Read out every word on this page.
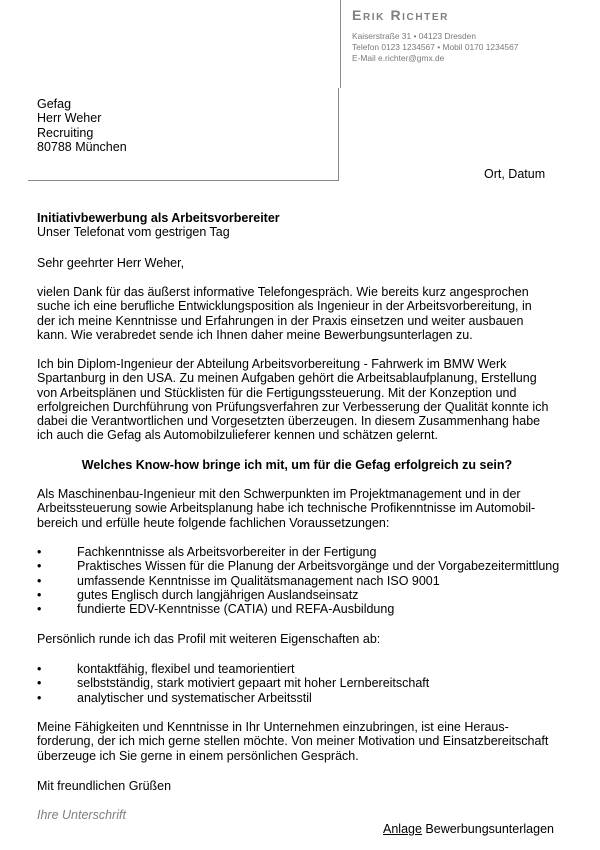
Erik Richter
Kaiserstraße 31 • 04123 Dresden
Telefon 0123 1234567 • Mobil 0170 1234567
E-Mail e.richter@gmx.de
Gefag
Herr Weher
Recruiting
80788 München
Ort, Datum
Initiativbewerbung als Arbeitsvorbereiter
Unser Telefonat vom gestrigen Tag
Sehr geehrter Herr Weher,
vielen Dank für das äußerst informative Telefongespräch. Wie bereits kurz angesprochen
suche ich eine berufliche Entwicklungsposition als Ingenieur in der Arbeitsvorbereitung, in
der ich meine Kenntnisse und Erfahrungen in der Praxis einsetzen und weiter ausbauen
kann. Wie verabredet sende ich Ihnen daher meine Bewerbungsunterlagen zu.
Ich bin Diplom-Ingenieur der Abteilung Arbeitsvorbereitung - Fahrwerk im BMW Werk
Spartanburg in den USA. Zu meinen Aufgaben gehört die Arbeitsablaufplanung, Erstellung
von Arbeitsplänen und Stücklisten für die Fertigungssteuerung. Mit der Konzeption und
erfolgreichen Durchführung von Prüfungsverfahren zur Verbesserung der Qualität konnte ich
dabei die Verantwortlichen und Vorgesetzten überzeugen. In diesem Zusammenhang habe
ich auch die Gefag als Automobilzulieferer kennen und schätzen gelernt.
Welches Know-how bringe ich mit, um für die Gefag erfolgreich zu sein?
Als Maschinenbau-Ingenieur mit den Schwerpunkten im Projektmanagement und in der
Arbeitssteuerung sowie Arbeitsplanung habe ich technische Profikenntnisse im Automobil-
bereich und erfülle heute folgende fachlichen Voraussetzungen:
•	Fachkenntnisse als Arbeitsvorbereiter in der Fertigung
•	Praktisches Wissen für die Planung der Arbeitsvorgänge und der Vorgabezeitermittlung
•	umfassende Kenntnisse im Qualitätsmanagement nach ISO 9001
•	gutes Englisch durch langjährigen Auslandseinsatz
•	fundierte EDV-Kenntnisse (CATIA) und REFA-Ausbildung
Persönlich runde ich das Profil mit weiteren Eigenschaften ab:
•	kontaktfähig, flexibel und teamorientiert
•	selbstständig, stark motiviert gepaart mit hoher Lernbereitschaft
•	analytischer und systematischer Arbeitsstil
Meine Fähigkeiten und Kenntnisse in Ihr Unternehmen einzubringen, ist eine Heraus-
forderung, der ich mich gerne stellen möchte. Von meiner Motivation und Einsatzbereitschaft
überzeuge ich Sie gerne in einem persönlichen Gespräch.
Mit freundlichen Grüßen
Ihre Unterschrift
Anlage Bewerbungsunterlagen
